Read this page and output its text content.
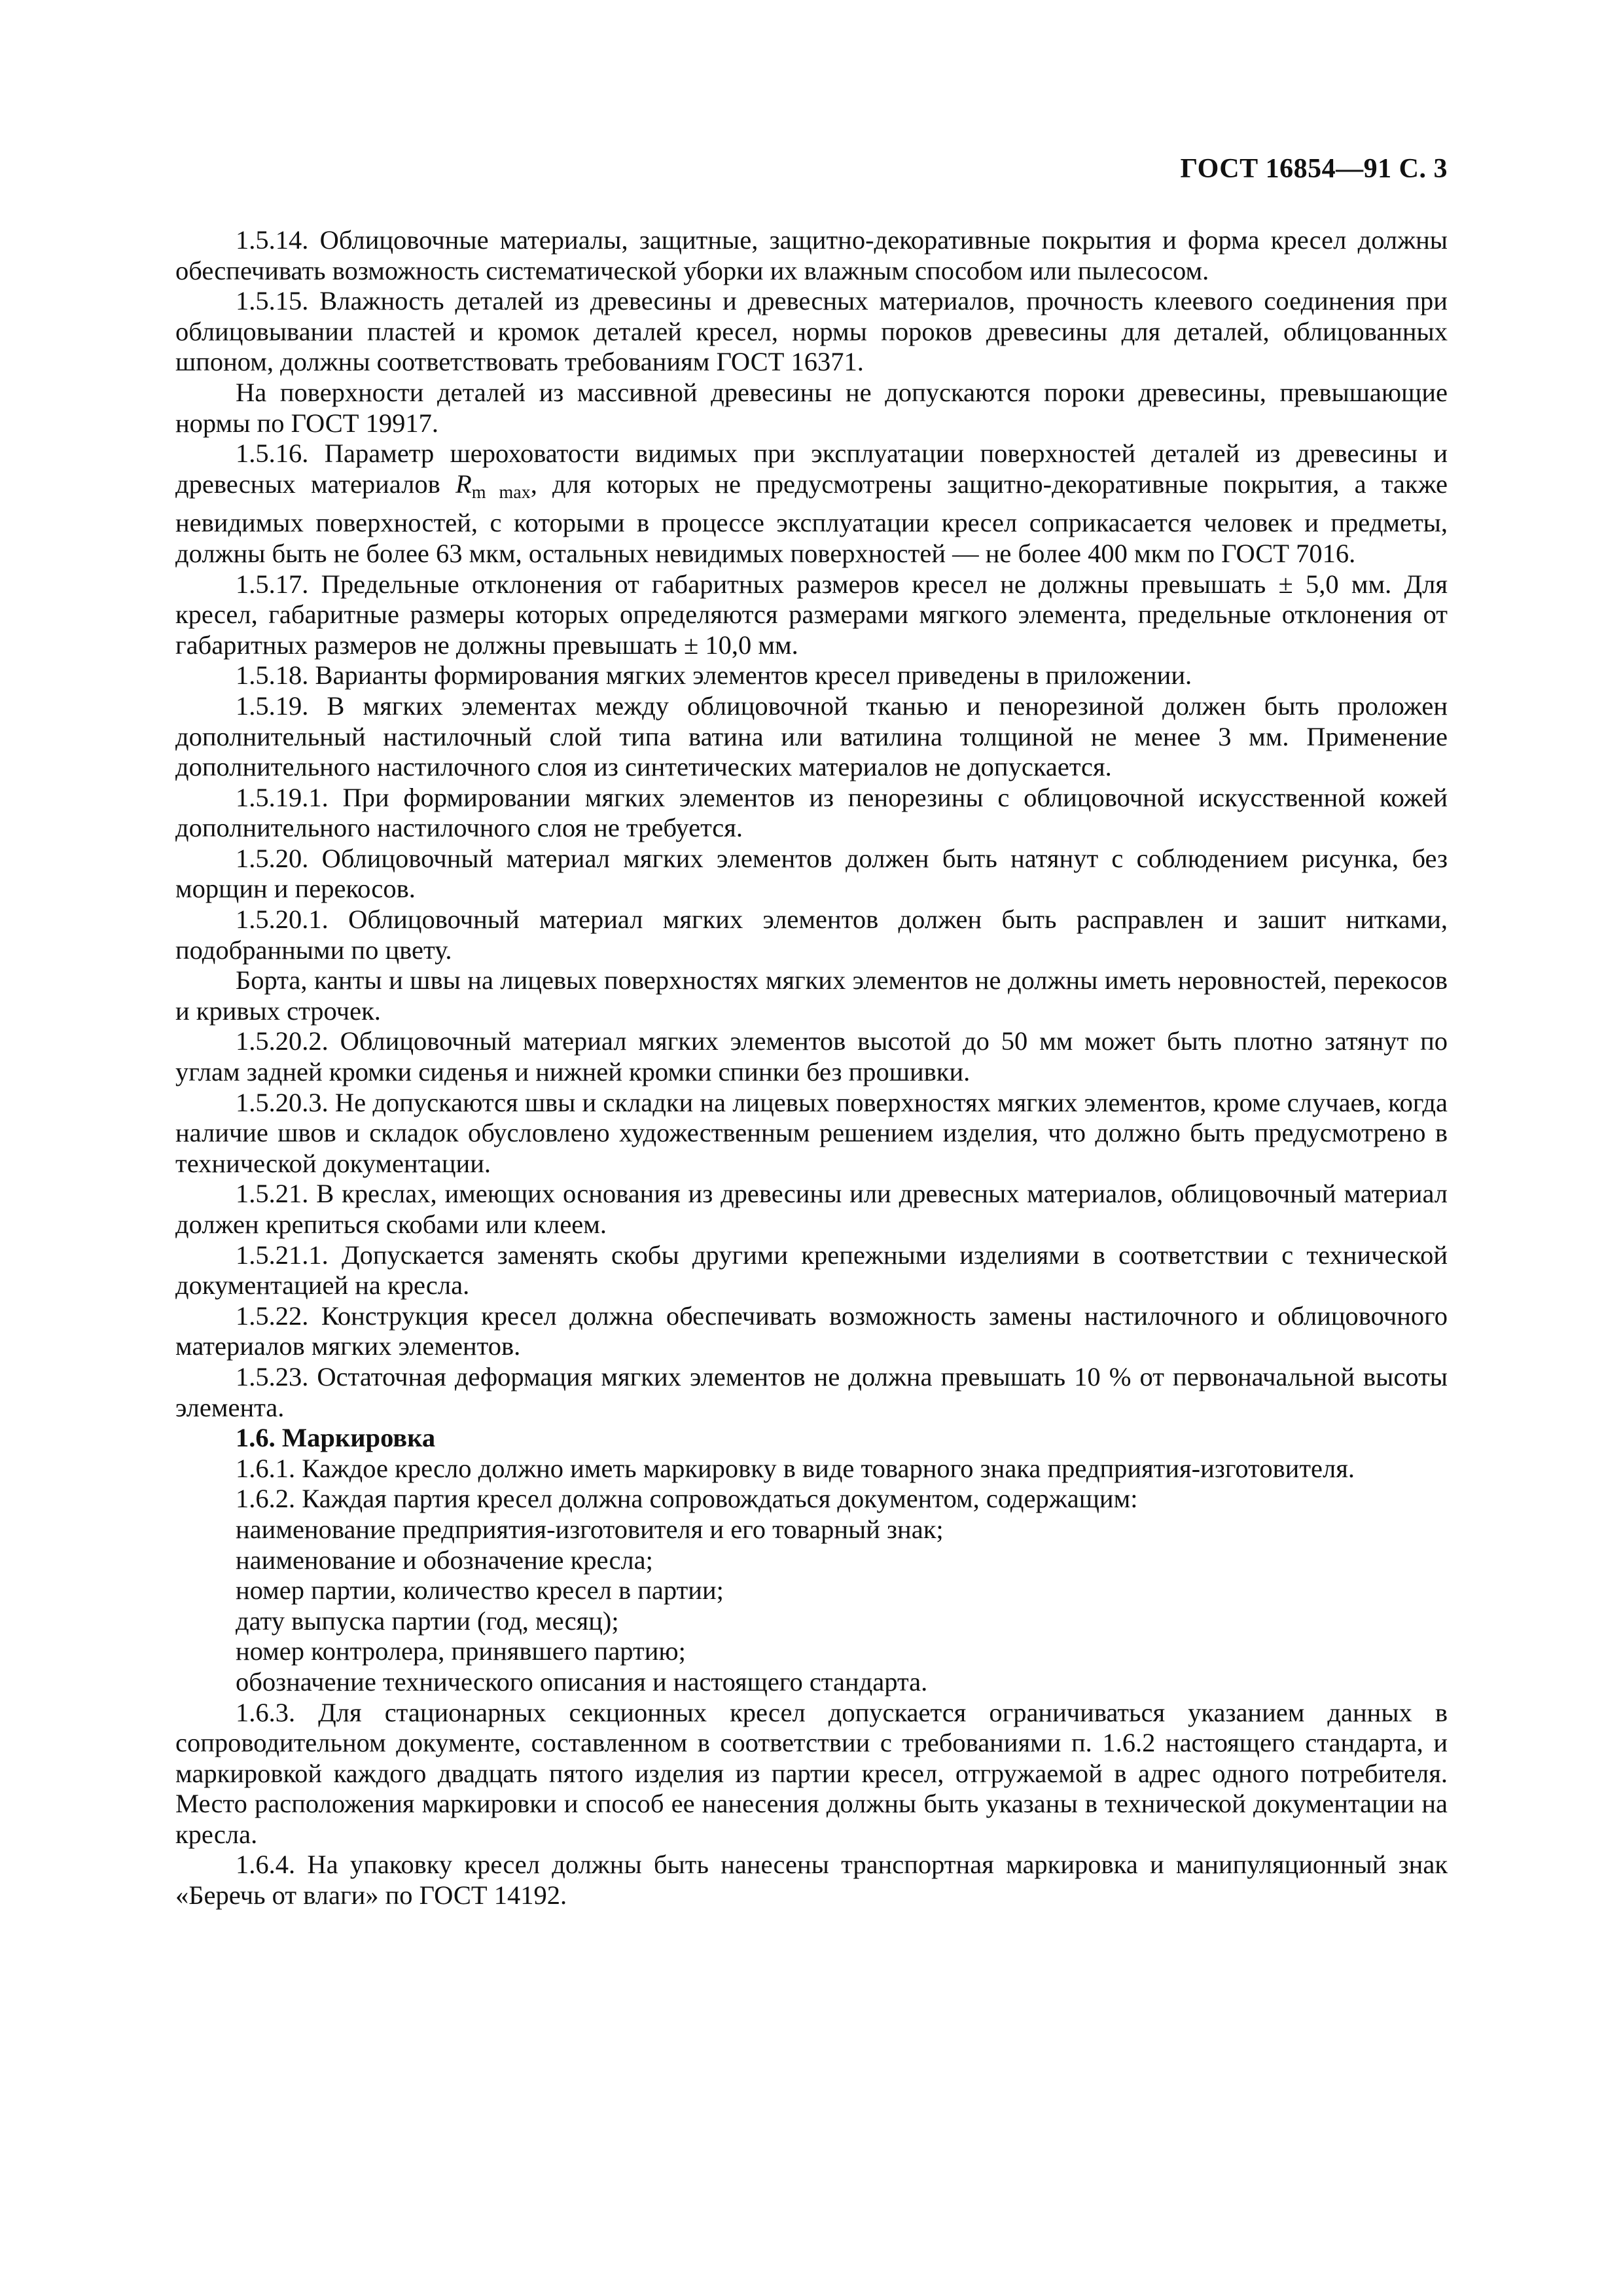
ГОСТ 16854—91 С. 3

1.5.14. Облицовочные материалы, защитные, защитно-декоративные покрытия и форма кресел должны обеспечивать возможность систематической уборки их влажным способом или пылесосом.

1.5.15. Влажность деталей из древесины и древесных материалов, прочность клеевого соединения при облицовывании пластей и кромок деталей кресел, нормы пороков древесины для деталей, облицованных шпоном, должны соответствовать требованиям ГОСТ 16371.

На поверхности деталей из массивной древесины не допускаются пороки древесины, превышающие нормы по ГОСТ 19917.

1.5.16. Параметр шероховатости видимых при эксплуатации поверхностей деталей из древесины и древесных материалов $R_{m max}$, для которых не предусмотрены защитно-декоративные покрытия, а также невидимых поверхностей, с которыми в процессе эксплуатации кресел соприкасается человек и предметы, должны быть не более 63 мкм, остальных невидимых поверхностей — не более 400 мкм по ГОСТ 7016.

1.5.17. Предельные отклонения от габаритных размеров кресел не должны превышать ± 5,0 мм. Для кресел, габаритные размеры которых определяются размерами мягкого элемента, предельные отклонения от габаритных размеров не должны превышать ± 10,0 мм.

1.5.18. Варианты формирования мягких элементов кресел приведены в приложении.

1.5.19. В мягких элементах между облицовочной тканью и пенорезиной должен быть проложен дополнительный настилочный слой типа ватина или ватилина толщиной не менее 3 мм. Применение дополнительного настилочного слоя из синтетических материалов не допускается.

1.5.19.1. При формировании мягких элементов из пенорезины с облицовочной искусственной кожей дополнительного настилочного слоя не требуется.

1.5.20. Облицовочный материал мягких элементов должен быть натянут с соблюдением рисунка, без морщин и перекосов.

1.5.20.1. Облицовочный материал мягких элементов должен быть расправлен и зашит нитками, подобранными по цвету.

Борта, канты и швы на лицевых поверхностях мягких элементов не должны иметь неровностей, перекосов и кривых строчек.

1.5.20.2. Облицовочный материал мягких элементов высотой до 50 мм может быть плотно затянут по углам задней кромки сиденья и нижней кромки спинки без прошивки.

1.5.20.3. Не допускаются швы и складки на лицевых поверхностях мягких элементов, кроме случаев, когда наличие швов и складок обусловлено художественным решением изделия, что должно быть предусмотрено в технической документации.

1.5.21. В креслах, имеющих основания из древесины или древесных материалов, облицовочный материал должен крепиться скобами или клеем.

1.5.21.1. Допускается заменять скобы другими крепежными изделиями в соответствии с технической документацией на кресла.

1.5.22. Конструкция кресел должна обеспечивать возможность замены настилочного и облицовочного материалов мягких элементов.

1.5.23. Остаточная деформация мягких элементов не должна превышать 10 % от первоначальной высоты элемента.

1.6. Маркировка

1.6.1. Каждое кресло должно иметь маркировку в виде товарного знака предприятия-изготовителя.

1.6.2. Каждая партия кресел должна сопровождаться документом, содержащим:

наименование предприятия-изготовителя и его товарный знак;

наименование и обозначение кресла;

номер партии, количество кресел в партии;

дату выпуска партии (год, месяц);

номер контролера, принявшего партию;

обозначение технического описания и настоящего стандарта.

1.6.3. Для стационарных секционных кресел допускается ограничиваться указанием данных в сопроводительном документе, составленном в соответствии с требованиями п. 1.6.2 настоящего стандарта, и маркировкой каждого двадцать пятого изделия из партии кресел, отгружаемой в адрес одного потребителя. Место расположения маркировки и способ ее нанесения должны быть указаны в технической документации на кресла.

1.6.4. На упаковку кресел должны быть нанесены транспортная маркировка и манипуляционный знак «Беречь от влаги» по ГОСТ 14192.
